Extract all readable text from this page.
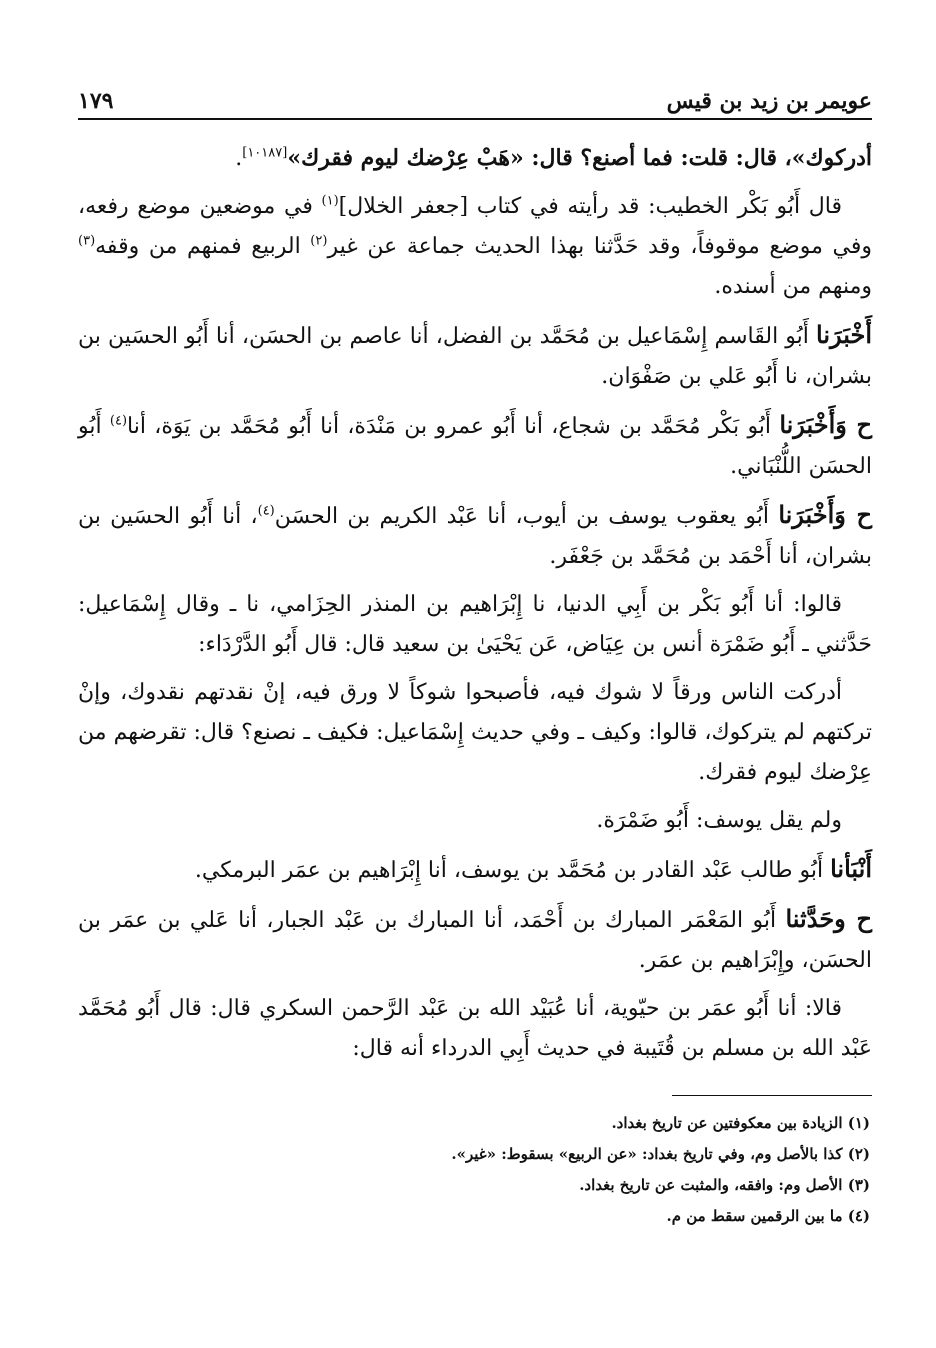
عويمر بن زيد بن قيس
١٧٩

أدركوك»، قال: قلت: فما أصنع؟ قال: «هَبْ عِرْضك ليوم فقرك»[١٠١٨٧].

قال أَبُو بَكْر الخطيب: قد رأيته في كتاب [جعفر الخلال]$^{(١)}$ في موضعين موضع رفعه، وفي موضع موقوفاً، وقد حَدَّثنا بهذا الحديث جماعة عن غير$^{(٢)}$ الربيع فمنهم من وقفه$^{(٣)}$ ومنهم من أسنده.

أَخْبَرَنا أَبُو القَاسم إِسْمَاعيل بن مُحَمَّد بن الفضل، أنا عاصم بن الحسَن، أنا أَبُو الحسَين بن بشران، نا أَبُو عَلي بن صَفْوَان.

ح وَأَخْبَرَنا أَبُو بَكْر مُحَمَّد بن شجاع، أنا أَبُو عمرو بن مَنْدَة، أنا أَبُو مُحَمَّد بن يَوَة، أنا$^{(٤)}$ أَبُو الحسَن اللُّنْبَاني.

ح وَأَخْبَرَنا أَبُو يعقوب يوسف بن أيوب، أنا عَبْد الكريم بن الحسَن$^{(٤)}$، أنا أَبُو الحسَين بن بشران، أنا أَحْمَد بن مُحَمَّد بن جَعْفَر.

قالوا: أنا أَبُو بَكْر بن أَبِي الدنيا، نا إِبْرَاهيم بن المنذر الحِزَامي، نا ـ وقال إِسْمَاعيل: حَدَّثني ـ أَبُو ضَمْرَة أنس بن عِيَاض، عَن يَحْيَىٰ بن سعيد قال: قال أَبُو الدَّرْدَاء:

أدركت الناس ورقاً لا شوك فيه، فأصبحوا شوكاً لا ورق فيه، إنْ نقدتهم نقدوك، وإنْ تركتهم لم يتركوك، قالوا: وكيف ـ وفي حديث إِسْمَاعيل: فكيف ـ نصنع؟ قال: تقرضهم من عِرْضك ليوم فقرك.

ولم يقل يوسف: أَبُو ضَمْرَة.

أَنْبَأنا أَبُو طالب عَبْد القادر بن مُحَمَّد بن يوسف، أنا إِبْرَاهيم بن عمَر البرمكي.

ح وحَدَّثنا أَبُو المَعْمَر المبارك بن أَحْمَد، أنا المبارك بن عَبْد الجبار، أنا عَلي بن عمَر بن الحسَن، وإِبْرَاهيم بن عمَر.

قالا: أنا أَبُو عمَر بن حيّوية، أنا عُبَيْد الله بن عَبْد الرَّحمن السكري قال: قال أَبُو مُحَمَّد عَبْد الله بن مسلم بن قُتَيبة في حديث أَبِي الدرداء أنه قال:

(١) الزيادة بين معكوفتين عن تاريخ بغداد.

(٢) كذا بالأصل وم، وفي تاريخ بغداد: «عن الربيع» بسقوط: «غير».

(٣) الأصل وم: وافقه، والمثبت عن تاريخ بغداد.

(٤) ما بين الرقمين سقط من م.
